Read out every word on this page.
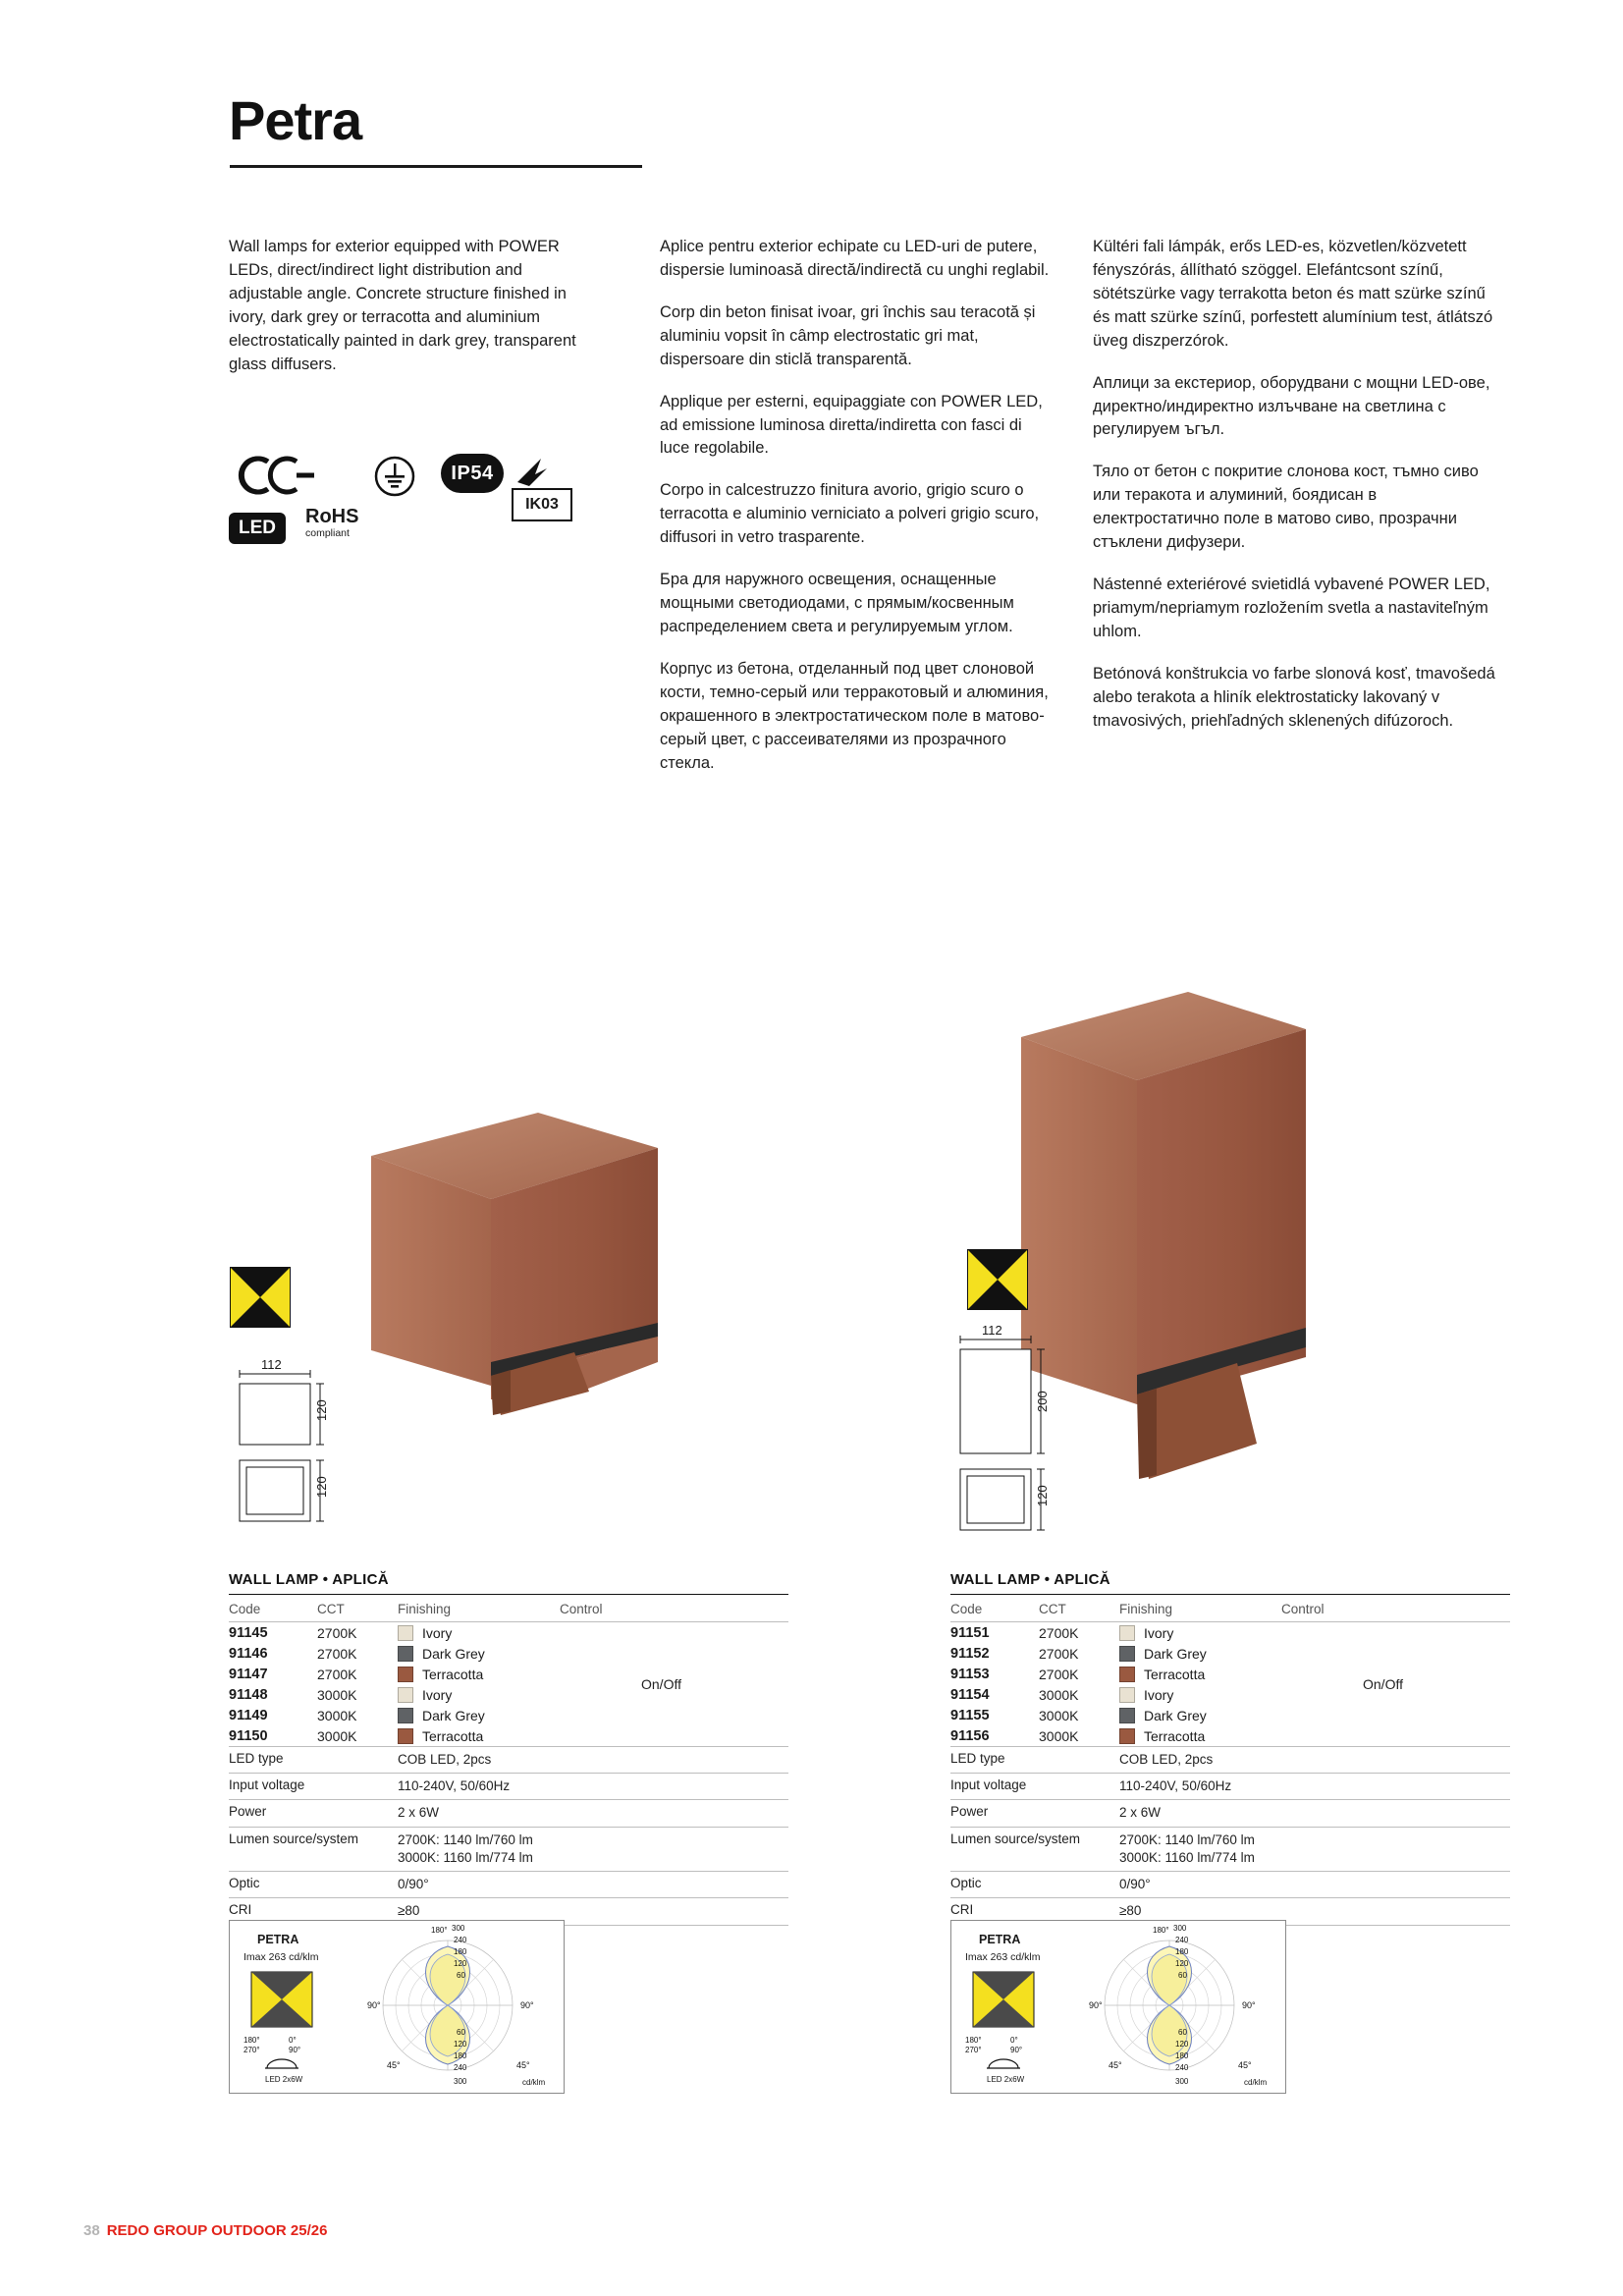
Petra

Wall lamps for exterior equipped with POWER LEDs, direct/indirect light distribution and adjustable angle. Concrete structure finished in ivory, dark grey or terracotta and aluminium electrostatically painted in dark grey, transparent glass diffusers.

IP54
IK03
LED
RoHS
compliant

Aplice pentru exterior echipate cu LED-uri de putere, dispersie luminoasă directă/indirectă cu unghi reglabil.

Corp din beton finisat ivoar, gri închis sau teracotă și aluminiu vopsit în câmp electrostatic gri mat, dispersoare din sticlă transparentă.

Applique per esterni, equipaggiate con POWER LED, ad emissione luminosa diretta/indiretta con fasci di luce regolabile.

Corpo in calcestruzzo finitura avorio, grigio scuro o terracotta e aluminio verniciato a polveri grigio scuro, diffusori in vetro trasparente.

Бра для наружного освещения, оснащенные мощными светодиодами, с прямым/косвенным распределением света и регулируемым углом.

Корпус из бетона, отделанный под цвет слоновой кости, темно-серый или терракотовый и алюминия, окрашенного в электростатическом поле в матово-серый цвет, с рассеивателями из прозрачного стекла.

Kültéri fali lámpák, erős LED-es, közvetlen/közvetett fényszórás, állítható szöggel. Elefántcsont színű, sötétszürke vagy terrakotta beton és matt szürke színű és matt szürke színű, porfestett alumínium test, átlátszó üveg diszperzórok.

Аплици за екстериор, оборудвани с мощни LED-ове, директно/индиректно излъчване на светлина с регулируем ъгъл.

Тяло от бетон с покритие слонова кост, тъмно сиво или теракота и алуминий, боядисан в електростатично поле в матово сиво, прозрачни стъклени дифузери.

Nástenné exteriérové svietidlá vybavené POWER LED, priamym/nepriamym rozložením svetla a nastaviteľným uhlom.

Betónová konštrukcia vo farbe slonová kosť, tmavošedá alebo terakota a hliník elektrostaticky lakovaný v tmavosivých, priehľadných sklenených difúzoroch.

112
120
120
112
200
120
WALL LAMP • APLICĂ
Code	CCT	Finishing	Control
91145	2700K	Ivory
91146	2700K	Dark Grey
91147	2700K	Terracotta
91148	3000K	Ivory
91149	3000K	Dark Grey
91150	3000K	Terracotta
On/Off
LED type	COB LED, 2pcs
Input voltage	110-240V, 50/60Hz
Power	2 x 6W
Lumen source/system	2700K: 1140 lm/760 lm
3000K: 1160 lm/774 lm
Optic	0/90°
CRI	≥80
WALL LAMP • APLICĂ
Code	CCT	Finishing	Control
91151	2700K	Ivory
91152	2700K	Dark Grey
91153	2700K	Terracotta
91154	3000K	Ivory
91155	3000K	Dark Grey
91156	3000K	Terracotta
On/Off
LED type	COB LED, 2pcs
Input voltage	110-240V, 50/60Hz
Power	2 x 6W
Lumen source/system	2700K: 1140 lm/760 lm
3000K: 1160 lm/774 lm
Optic	0/90°
CRI	≥80
PETRA
Imax 263 cd/klm
180°	0°
270°	90°
LED 2x6W
180° 300
240
180
120
60
60
120
180
240
300
90°	90°
45°	45°
cd/klm
PETRA
Imax 263 cd/klm
180°	0°
270°	90°
LED 2x6W
180° 300
240
180
120
60
60
120
180
240
300
90°	90°
45°	45°
cd/klm
38 REDO GROUP OUTDOOR 25/26
